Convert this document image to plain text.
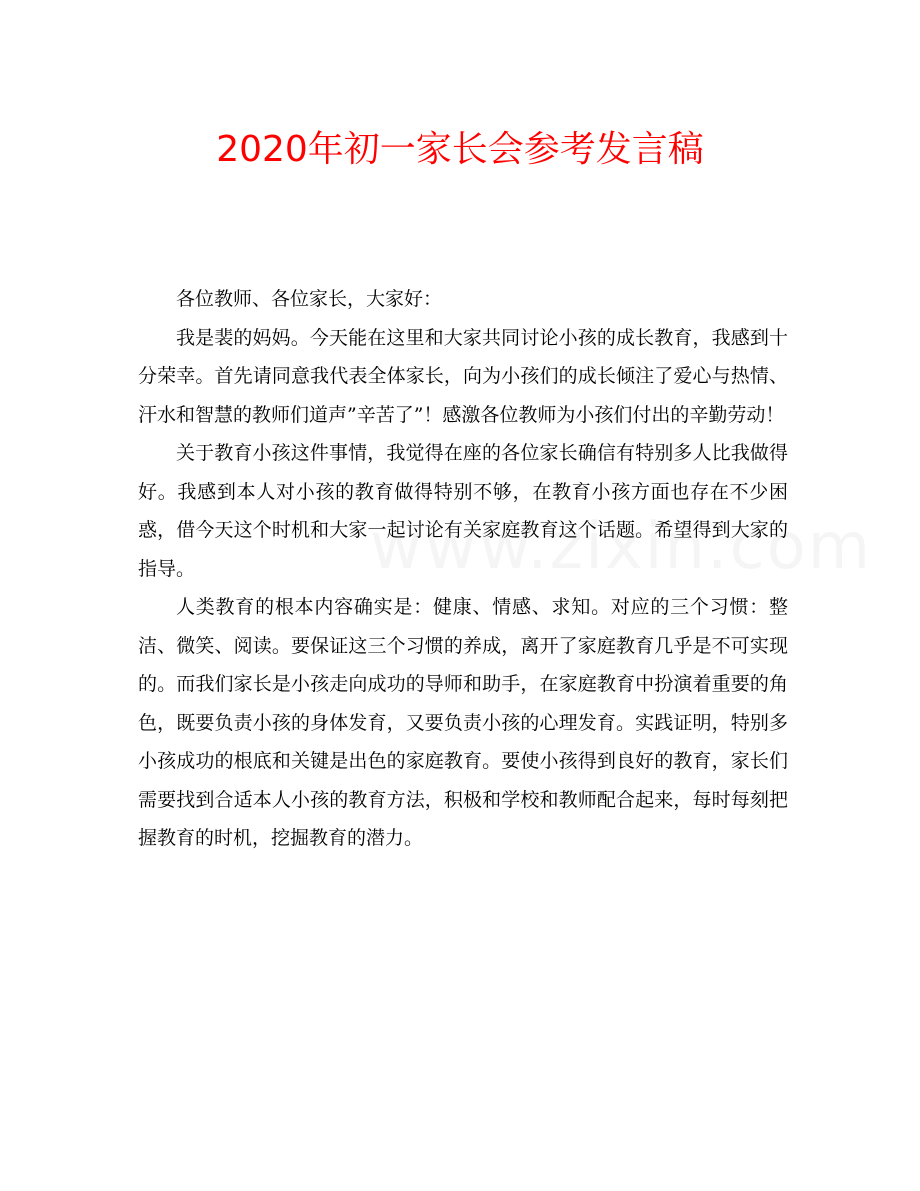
2020年初一家长会参考发言稿

各位教师、各位家长，大家好：

我是裴的妈妈。今天能在这里和大家共同讨论小孩的成长教育，我感到十分荣幸。首先请同意我代表全体家长，向为小孩们的成长倾注了爱心与热情、汗水和智慧的教师们道声”辛苦了”！感激各位教师为小孩们付出的辛勤劳动！

关于教育小孩这件事情，我觉得在座的各位家长确信有特别多人比我做得好。我感到本人对小孩的教育做得特别不够，在教育小孩方面也存在不少困惑，借今天这个时机和大家一起讨论有关家庭教育这个话题。希望得到大家的指导。

人类教育的根本内容确实是：健康、情感、求知。对应的三个习惯：整洁、微笑、阅读。要保证这三个习惯的养成，离开了家庭教育几乎是不可实现的。而我们家长是小孩走向成功的导师和助手，在家庭教育中扮演着重要的角色，既要负责小孩的身体发育，又要负责小孩的心理发育。实践证明，特别多小孩成功的根底和关键是出色的家庭教育。要使小孩得到良好的教育，家长们需要找到合适本人小孩的教育方法，积极和学校和教师配合起来，每时每刻把握教育的时机，挖掘教育的潜力。
